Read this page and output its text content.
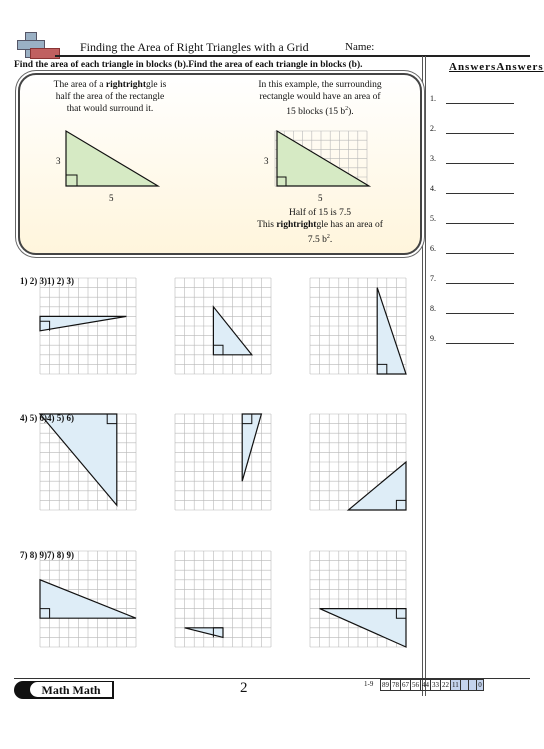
Finding the Area of Right Triangles with a Grid	Name:
Find the area of each triangle in blocks (b).Find the area of each triangle in blocks (b).	AnswersAnswers
1.
2.
3.
4.
5.
6.
7.
8.
9.
The area of a rightrightgle is
half the area of the rectangle
that would surround it.
In this example, the surrounding
rectangle would have an area of
15 blocks (15 $b^2$).
3
5
3
5
Half of 15 is 7.5
This rightrightgle has an area of
7.5 $b^2$.
1) 2) 3)1) 2) 3)
4) 5) 6)4) 5) 6)
7) 8) 9)7) 8) 9)
Math Math	2	1-9 89 78 67 56 44 33 22 11

	0
